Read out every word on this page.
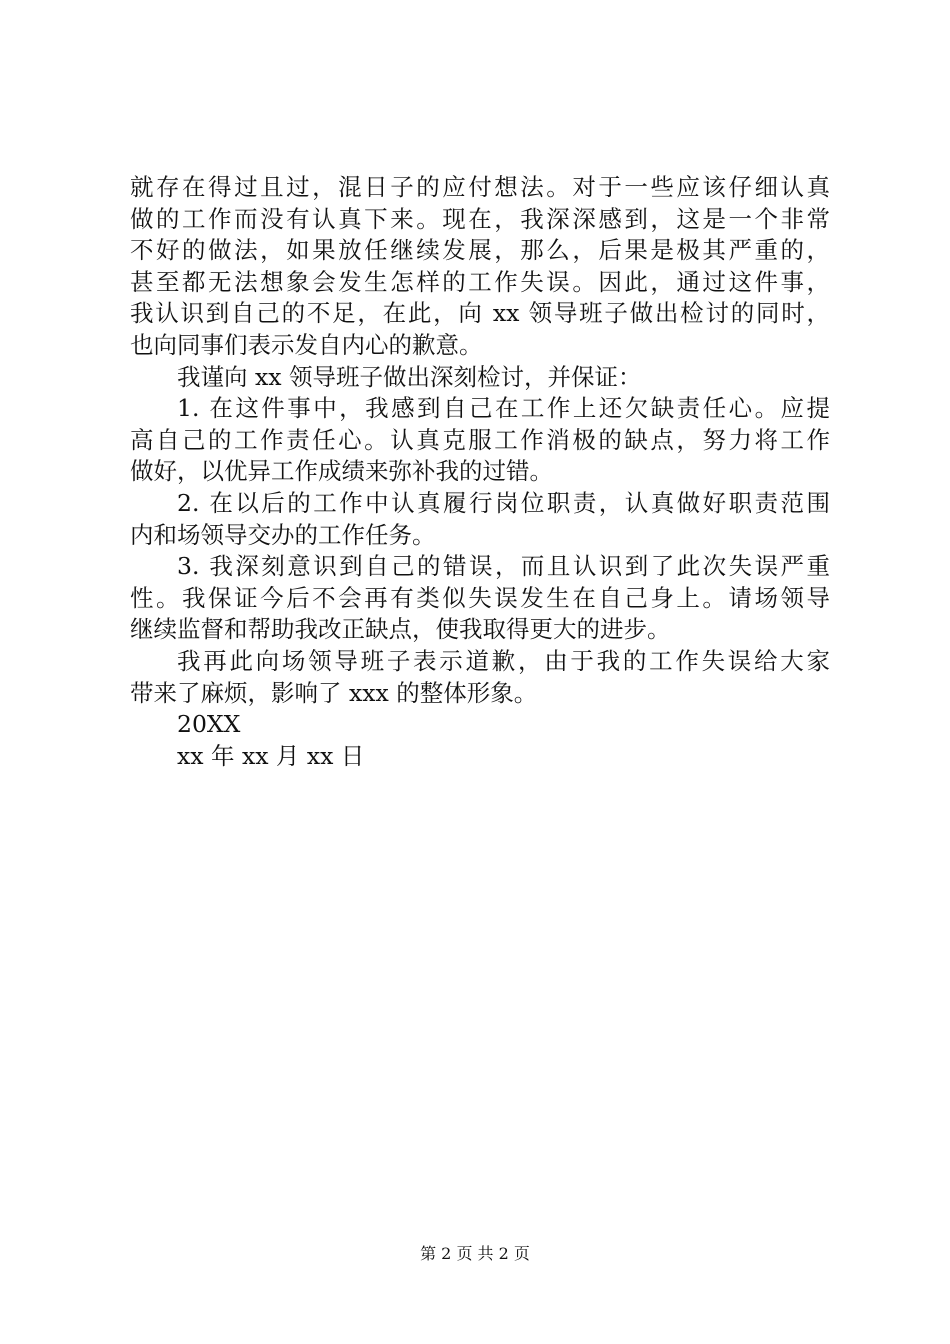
就存在得过且过，混日子的应付想法。对于一些应该仔细认真
做的工作而没有认真下来。现在，我深深感到，这是一个非常
不好的做法，如果放任继续发展，那么，后果是极其严重的，
甚至都无法想象会发生怎样的工作失误。因此，通过这件事，
我认识到自己的不足，在此，向 xx 领导班子做出检讨的同时，
也向同事们表示发自内心的歉意。
我谨向 xx 领导班子做出深刻检讨，并保证：
1. 在这件事中，我感到自己在工作上还欠缺责任心。应提
高自己的工作责任心。认真克服工作消极的缺点，努力将工作
做好，以优异工作成绩来弥补我的过错。
2. 在以后的工作中认真履行岗位职责，认真做好职责范围
内和场领导交办的工作任务。
3. 我深刻意识到自己的错误，而且认识到了此次失误严重
性。我保证今后不会再有类似失误发生在自己身上。请场领导
继续监督和帮助我改正缺点，使我取得更大的进步。
我再此向场领导班子表示道歉，由于我的工作失误给大家
带来了麻烦，影响了 xxx 的整体形象。
20XX
xx 年 xx 月 xx 日
第 2 页 共 2 页
